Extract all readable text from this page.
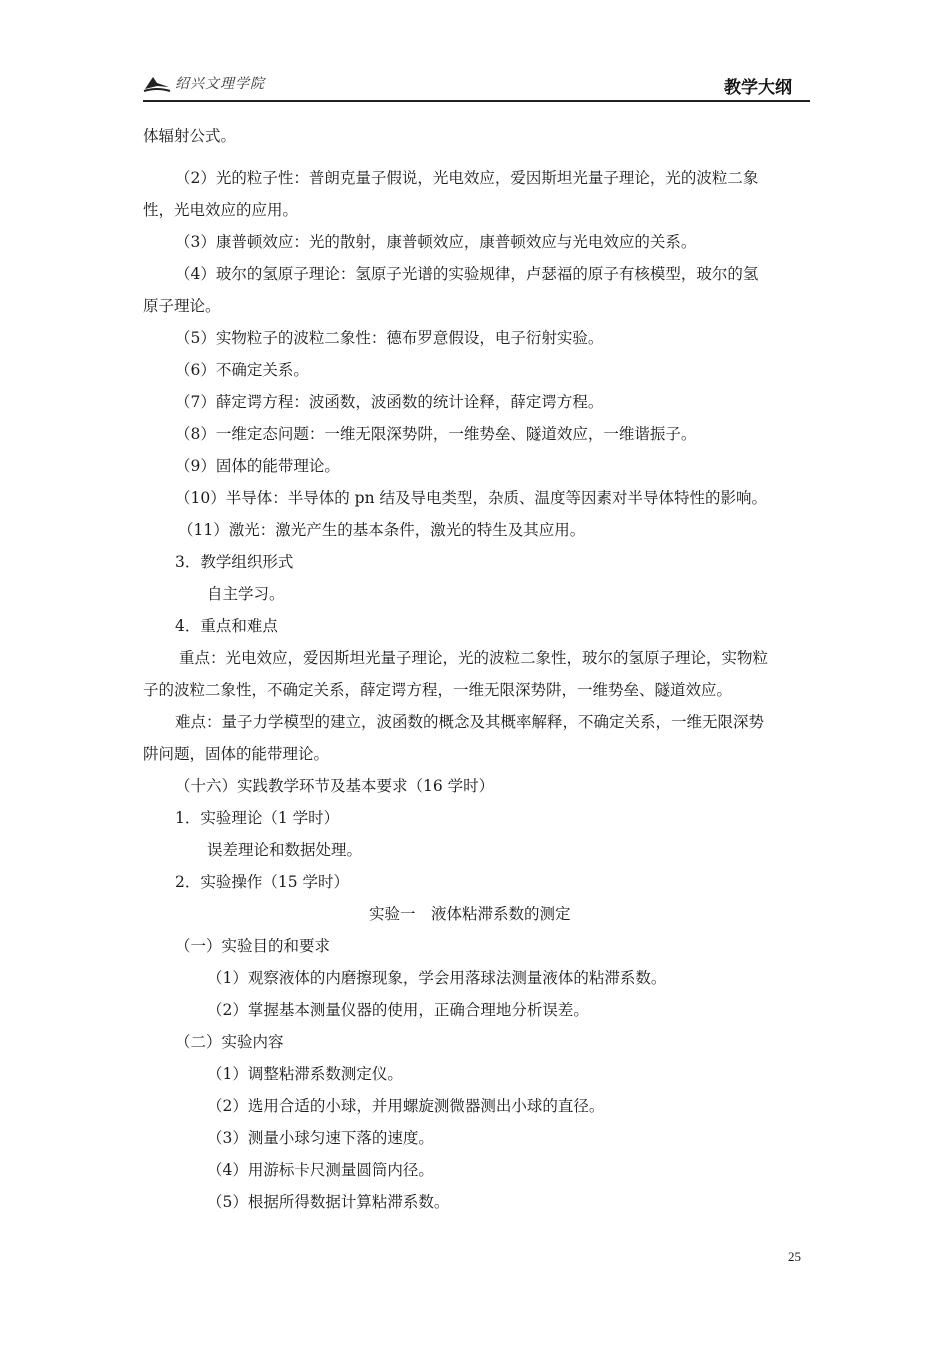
绍兴文理学院	教学大纲
体辐射公式。
（2）光的粒子性：普朗克量子假说，光电效应，爱因斯坦光量子理论，光的波粒二象
性，光电效应的应用。
（3）康普顿效应：光的散射，康普顿效应，康普顿效应与光电效应的关系。
（4）玻尔的氢原子理论：氢原子光谱的实验规律，卢瑟福的原子有核模型，玻尔的氢
原子理论。
（5）实物粒子的波粒二象性：德布罗意假设，电子衍射实验。
（6）不确定关系。
（7）薛定谔方程：波函数，波函数的统计诠释，薛定谔方程。
（8）一维定态问题：一维无限深势阱，一维势垒、隧道效应，一维谐振子。
（9）固体的能带理论。
（10）半导体：半导体的 pn 结及导电类型，杂质、温度等因素对半导体特性的影响。
（11）激光：激光产生的基本条件，激光的特生及其应用。
3．教学组织形式
自主学习。
4．重点和难点
重点：光电效应，爱因斯坦光量子理论，光的波粒二象性，玻尔的氢原子理论，实物粒
子的波粒二象性，不确定关系，薛定谔方程，一维无限深势阱，一维势垒、隧道效应。
难点：量子力学模型的建立，波函数的概念及其概率解释，不确定关系，一维无限深势
阱问题，固体的能带理论。
（十六）实践教学环节及基本要求（16 学时）
1．实验理论（1 学时）
误差理论和数据处理。
2．实验操作（15 学时）
实验一　液体粘滞系数的测定
（一）实验目的和要求
（1）观察液体的内磨擦现象，学会用落球法测量液体的粘滞系数。
（2）掌握基本测量仪器的使用，正确合理地分析误差。
（二）实验内容
（1）调整粘滞系数测定仪。
（2）选用合适的小球，并用螺旋测微器测出小球的直径。
（3）测量小球匀速下落的速度。
（4）用游标卡尺测量圆筒内径。
（5）根据所得数据计算粘滞系数。
25
